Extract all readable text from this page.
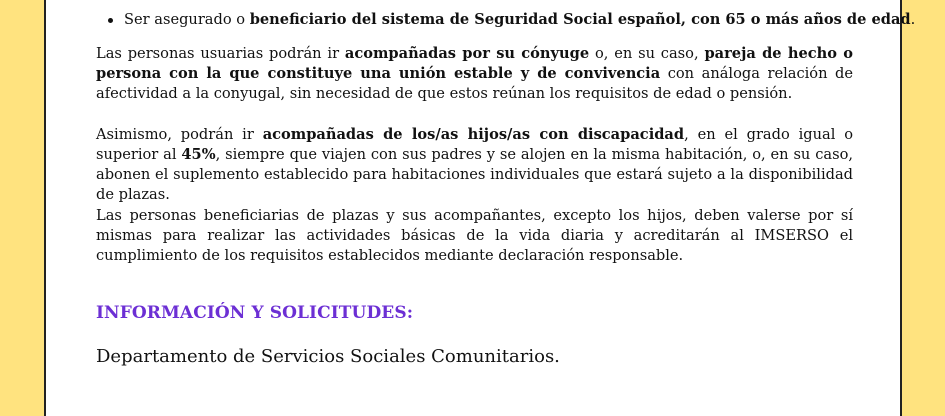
Ser asegurado o beneficiario del sistema de Seguridad Social español, con 65 o más años de edad.

Las personas usuarias podrán ir acompañadas por su cónyuge o, en su caso, pareja de hecho o persona con la que constituye una unión estable y de convivencia con análoga relación de afectividad a la conyugal, sin necesidad de que estos reúnan los requisitos de edad o pensión.

Asimismo, podrán ir acompañadas de los/as hijos/as con discapacidad, en el grado igual o superior al 45%, siempre que viajen con sus padres y se alojen en la misma habitación, o, en su caso, abonen el suplemento establecido para habitaciones individuales que estará sujeto a la disponibilidad de plazas.

Las personas beneficiarias de plazas y sus acompañantes, excepto los hijos, deben valerse por sí mismas para realizar las actividades básicas de la vida diaria y acreditarán al IMSERSO el cumplimiento de los requisitos establecidos mediante declaración responsable.

INFORMACIÓN Y SOLICITUDES:
Departamento de Servicios Sociales Comunitarios.
